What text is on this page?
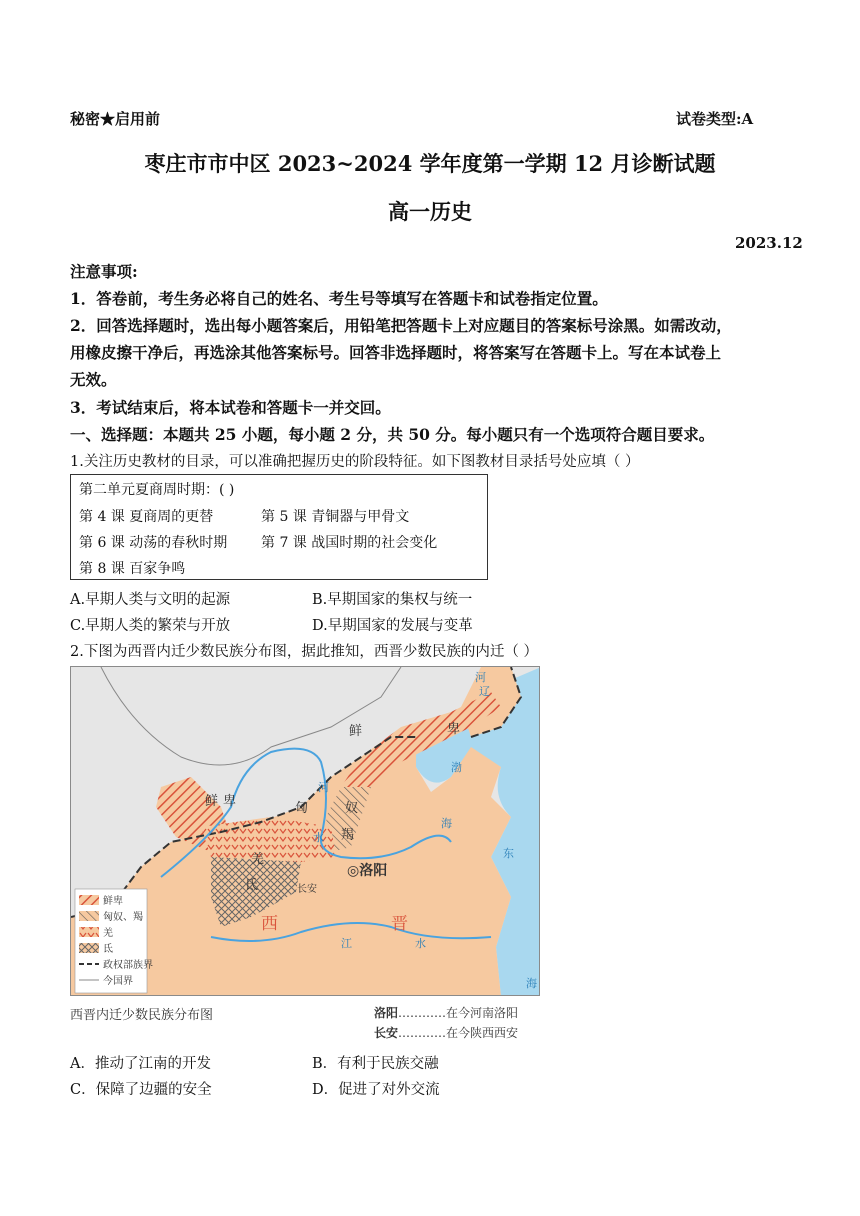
秘密★启用前	试卷类型:A
枣庄市市中区 2023~2024 学年度第一学期 12 月诊断试题
高一历史
2023.12
注意事项:
1．答卷前，考生务必将自己的姓名、考生号等填写在答题卡和试卷指定位置。
2．回答选择题时，选出每小题答案后，用铅笔把答题卡上对应题目的答案标号涂黑。如需改动，
用橡皮擦干净后，再选涂其他答案标号。回答非选择题时，将答案写在答题卡上。写在本试卷上
无效。
3．考试结束后，将本试卷和答题卡一并交回。
一、选择题：本题共 25 小题，每小题 2 分，共 50 分。每小题只有一个选项符合题目要求。
1.关注历史教材的目录，可以准确把握历史的阶段特征。如下图教材目录括号处应填（ ）
第二单元夏商周时期：( )
第 4 课 夏商周的更替	第 5 课 青铜器与甲骨文
第 6 课 动荡的春秋时期 第 7 课 战国时期的社会变化
第 8 课 百家争鸣
A.早期人类与文明的起源	B.早期国家的集权与统一
C.早期人类的繁荣与开放	D.早期国家的发展与变革
2.下图为西晋内迁少数民族分布图，据此推知，西晋少数民族的内迁（ ）
鲜	卑
鲜 卑	匈	奴
羯
羌
氐	长安
◎洛阳
西	晋
河
水
江	水
渤
海
东
海
辽
河
鲜卑
匈奴、羯
羌
氐
政权部族界
今国界
西晋内迁少数民族分布图	洛阳…………在今河南洛阳
长安…………在今陕西西安
A．推动了江南的开发	B．有利于民族交融
C．保障了边疆的安全	D．促进了对外交流
